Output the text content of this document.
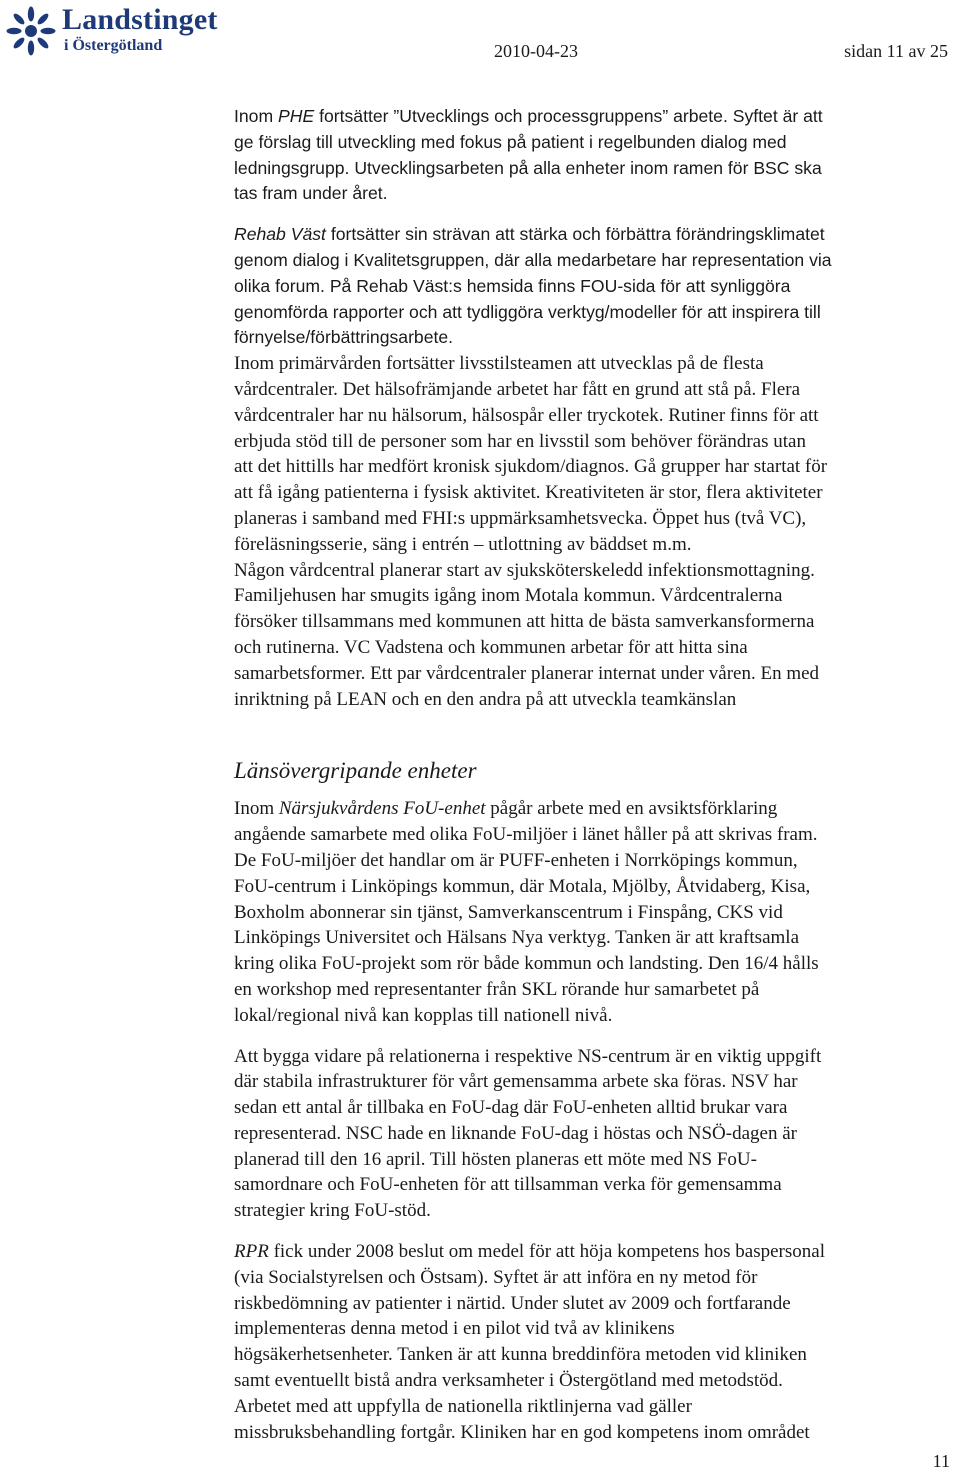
Landstinget
i Östergötland	2010-04-23	sidan 11 av 25
Inom PHE fortsätter ”Utvecklings och processgruppens” arbete. Syftet är att
ge förslag till utveckling med fokus på patient i regelbunden dialog med
ledningsgrupp. Utvecklingsarbeten på alla enheter inom ramen för BSC ska
tas fram under året.
Rehab Väst fortsätter sin strävan att stärka och förbättra förändringsklimatet
genom dialog i Kvalitetsgruppen, där alla medarbetare har representation via
olika forum. På Rehab Väst:s hemsida finns FOU-sida för att synliggöra
genomförda rapporter och att tydliggöra verktyg/modeller för att inspirera till
förnyelse/förbättringsarbete.
Inom primärvården fortsätter livsstilsteamen att utvecklas på de flesta
vårdcentraler. Det hälsofrämjande arbetet har fått en grund att stå på. Flera
vårdcentraler har nu hälsorum, hälsospår eller tryckotek. Rutiner finns för att
erbjuda stöd till de personer som har en livsstil som behöver förändras utan
att det hittills har medfört kronisk sjukdom/diagnos. Gå grupper har startat för
att få igång patienterna i fysisk aktivitet. Kreativiteten är stor, flera aktiviteter
planeras i samband med FHI:s uppmärksamhetsvecka. Öppet hus (två VC),
föreläsningsserie, säng i entrén – utlottning av bäddset m.m.
Någon vårdcentral planerar start av sjuksköterskeledd infektionsmottagning.
Familjehusen har smugits igång inom Motala kommun. Vårdcentralerna
försöker tillsammans med kommunen att hitta de bästa samverkansformerna
och rutinerna. VC Vadstena och kommunen arbetar för att hitta sina
samarbetsformer. Ett par vårdcentraler planerar internat under våren. En med
inriktning på LEAN och en den andra på att utveckla teamkänslan
Länsövergripande enheter
Inom Närsjukvårdens FoU-enhet pågår arbete med en avsiktsförklaring
angående samarbete med olika FoU-miljöer i länet håller på att skrivas fram.
De FoU-miljöer det handlar om är PUFF-enheten i Norrköpings kommun,
FoU-centrum i Linköpings kommun, där Motala, Mjölby, Åtvidaberg, Kisa,
Boxholm abonnerar sin tjänst, Samverkanscentrum i Finspång, CKS vid
Linköpings Universitet och Hälsans Nya verktyg. Tanken är att kraftsamla
kring olika FoU-projekt som rör både kommun och landsting. Den 16/4 hålls
en workshop med representanter från SKL rörande hur samarbetet på
lokal/regional nivå kan kopplas till nationell nivå.
Att bygga vidare på relationerna i respektive NS-centrum är en viktig uppgift
där stabila infrastrukturer för vårt gemensamma arbete ska föras. NSV har
sedan ett antal år tillbaka en FoU-dag där FoU-enheten alltid brukar vara
representerad. NSC hade en liknande FoU-dag i höstas och NSÖ-dagen är
planerad till den 16 april. Till hösten planeras ett möte med NS FoU-
samordnare och FoU-enheten för att tillsamman verka för gemensamma
strategier kring FoU-stöd.
RPR fick under 2008 beslut om medel för att höja kompetens hos baspersonal
(via Socialstyrelsen och Östsam). Syftet är att införa en ny metod för
riskbedömning av patienter i närtid. Under slutet av 2009 och fortfarande
implementeras denna metod i en pilot vid två av klinikens
högsäkerhetsenheter. Tanken är att kunna breddinföra metoden vid kliniken
samt eventuellt bistå andra verksamheter i Östergötland med metodstöd.
Arbetet med att uppfylla de nationella riktlinjerna vad gäller
missbruksbehandling fortgår. Kliniken har en god kompetens inom området
11
